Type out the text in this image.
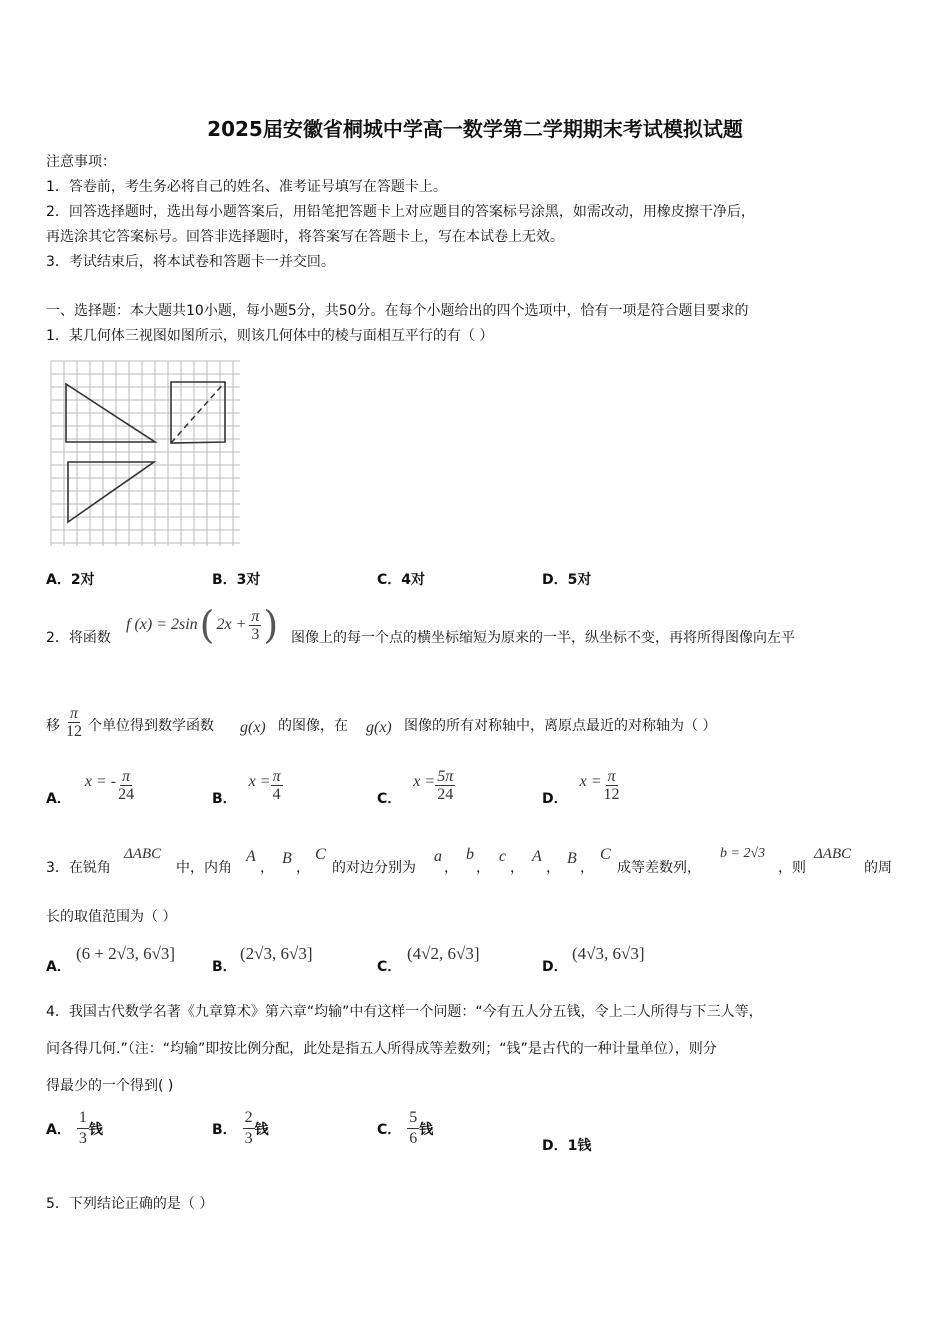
2025届安徽省桐城中学高一数学第二学期期末考试模拟试题
注意事项：
1．答卷前，考生务必将自己的姓名、准考证号填写在答题卡上。
2．回答选择题时，选出每小题答案后，用铅笔把答题卡上对应题目的答案标号涂黑，如需改动，用橡皮擦干净后，
再选涂其它答案标号。回答非选择题时，将答案写在答题卡上，写在本试卷上无效。
3．考试结束后，将本试卷和答题卡一并交回。
一、选择题：本大题共10小题，每小题5分，共50分。在每个小题给出的四个选项中，恰有一项是符合题目要求的
1．某几何体三视图如图所示，则该几何体中的棱与面相互平行的有（ ）
A．2对	B．3对	C．4对	D．5对
2．将函数
f (x) = 2sin ( $2x + \frac{\pi}{3}$ ) 图像上的每一个点的横坐标缩短为原来的一半，纵坐标不变，再将所得图像向左平
移 $\frac{\pi}{12}$ 个单位得到数学函数 g(x) 的图像，在 g(x) 图像的所有对称轴中，离原点最近的对称轴为（ ）
A．
x = - $\frac{\pi}{24}$	B．
$x = \frac{\pi}{4}$	C．
$x = \frac{5\pi}{24}$	D．
$x = \frac{\pi}{12}$
3．在锐角
ΔABC
中，内角
A
，
B
，
C
的对边分别为
a
，
b
，
c
，
A
，
B
，
C
成等差数列，
b = 2√3
，则
ΔABC
的周
长的取值范围为（ ）
A．
(6 + 2√3, 6√3]
B．
(2√3, 6√3]
C．
(4√2, 6√3]
D．
(4√3, 6√3]
4．我国古代数学名著《九章算术》第六章“均输”中有这样一个问题：“今有五人分五钱，令上二人所得与下三人等，
问各得几何.”（注：“均输”即按比例分配，此处是指五人所得成等差数列；“钱”是古代的一种计量单位），则分
得最少的一个得到( )
A． $\frac{1}{3}$ 钱	B． $\frac{2}{3}$ 钱	C． $\frac{5}{6}$ 钱
D． 1钱
5．下列结论正确的是（ ）
